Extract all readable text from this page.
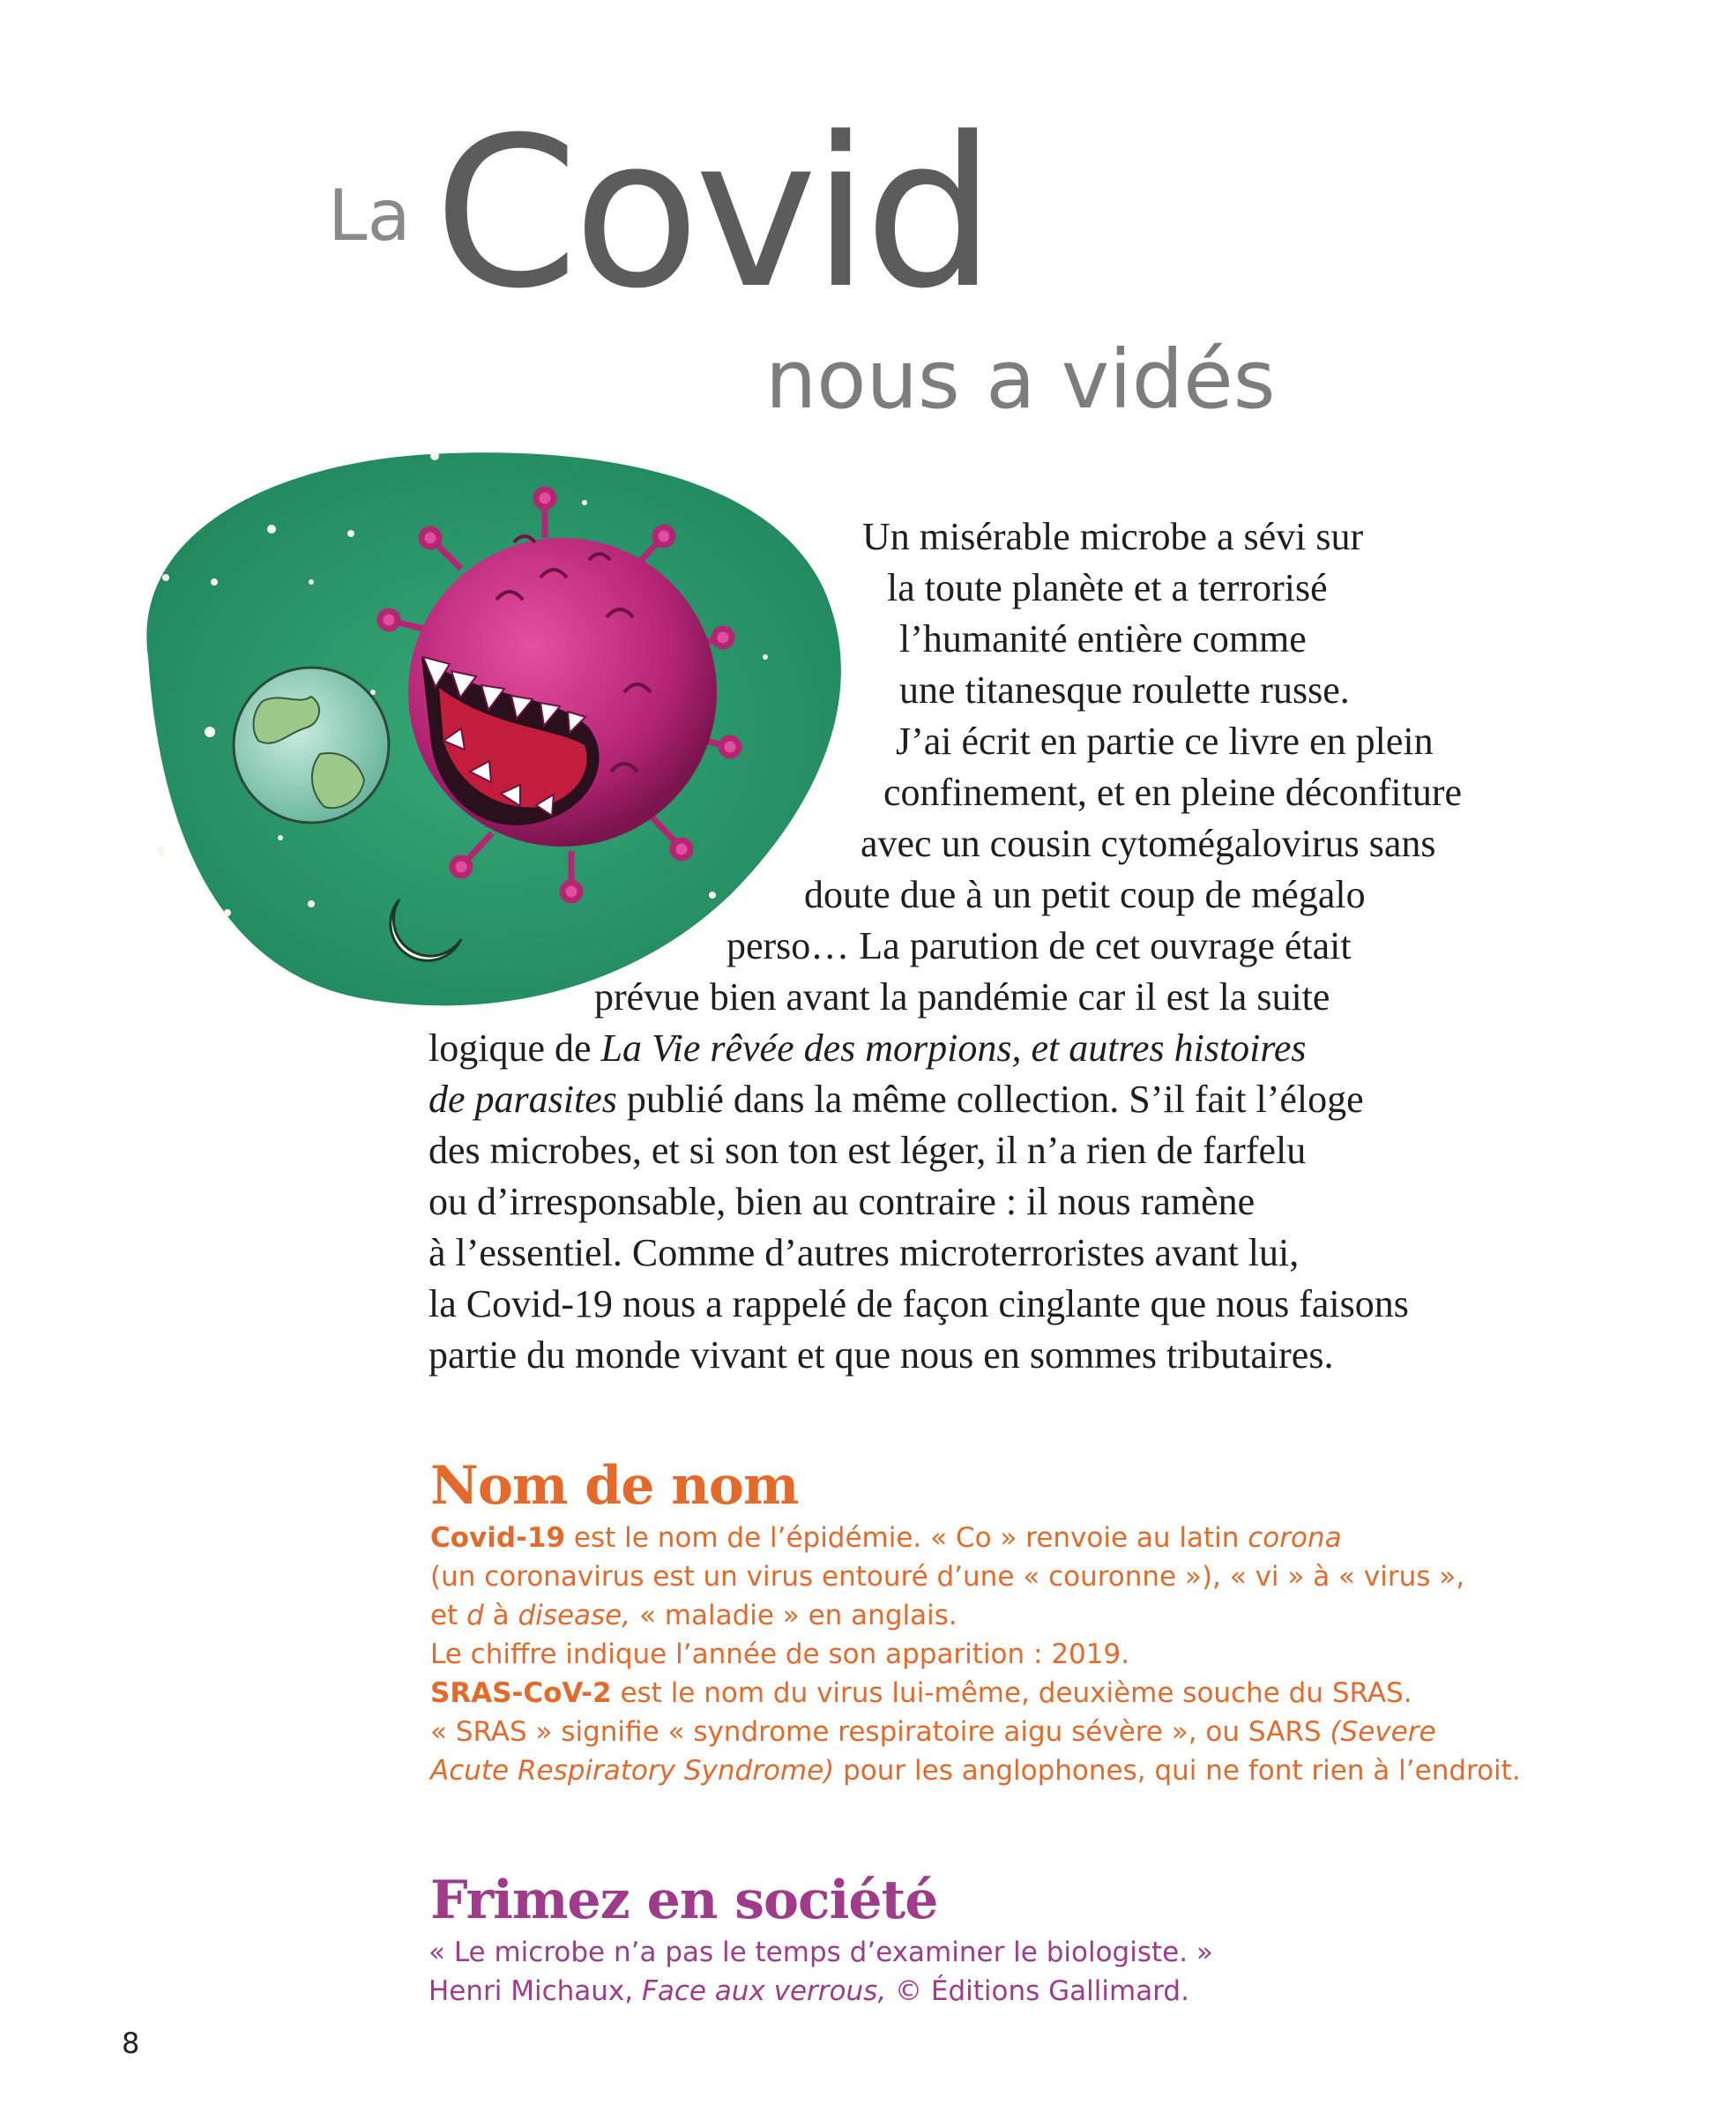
La Covid
nous a vidés
Un misérable microbe a sévi sur
la toute planète et a terrorisé
l’humanité entière comme
une titanesque roulette russe.
J’ai écrit en partie ce livre en plein
confinement, et en pleine déconfiture
avec un cousin cytomégalovirus sans
doute due à un petit coup de mégalo
perso… La parution de cet ouvrage était
prévue bien avant la pandémie car il est la suite
logique de La Vie rêvée des morpions, et autres histoires
de parasites publié dans la même collection. S’il fait l’éloge
des microbes, et si son ton est léger, il n’a rien de farfelu
ou d’irresponsable, bien au contraire : il nous ramène
à l’essentiel. Comme d’autres microterroristes avant lui,
la Covid-19 nous a rappelé de façon cinglante que nous faisons
partie du monde vivant et que nous en sommes tributaires.
Nom de nom
Covid-19 est le nom de l’épidémie. « Co » renvoie au latin corona
(un coronavirus est un virus entouré d’une « couronne »), « vi » à « virus »,
et d à disease, « maladie » en anglais.
Le chiffre indique l’année de son apparition : 2019.
SRAS-CoV-2 est le nom du virus lui-même, deuxième souche du SRAS.
« SRAS » signifie « syndrome respiratoire aigu sévère », ou SARS (Severe
Acute Respiratory Syndrome) pour les anglophones, qui ne font rien à l’endroit.
Frimez en société
« Le microbe n’a pas le temps d’examiner le biologiste. »
Henri Michaux, Face aux verrous, © Éditions Gallimard.
8
